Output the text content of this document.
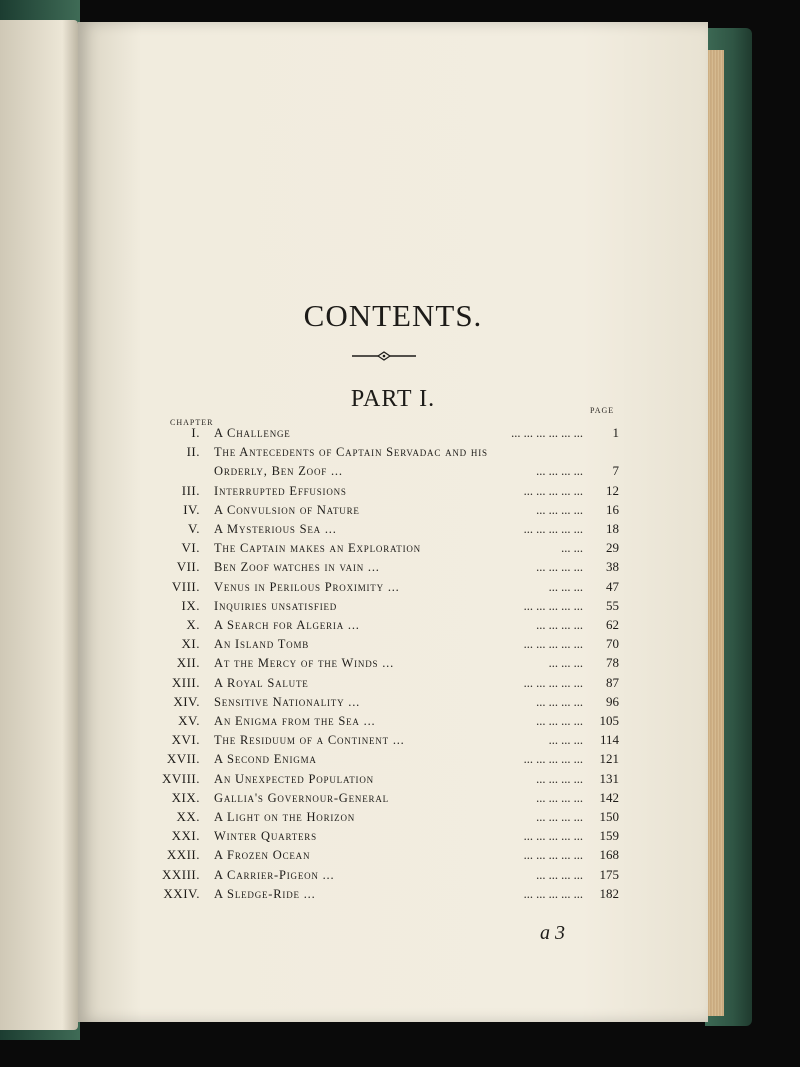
CONTENTS.
PART I.	PAGE
CHAPTER
I. A Challenge	1
... ... ... ... ... ...
II. The Antecedents of Captain Servadac and his
Orderly, Ben Zoof ...	7
... ... ... ...
III. Interrupted Effusions	12
... ... ... ... ...
IV. A Convulsion of Nature	16
... ... ... ...
V. A Mysterious Sea ...	18
... ... ... ... ...
VI. The Captain makes an Exploration	29
... ...
VII. Ben Zoof watches in vain ...	38
... ... ... ...
VIII. Venus in Perilous Proximity ...	47
... ... ...
IX. Inquiries unsatisfied	55
... ... ... ... ...
X. A Search for Algeria ...	62
... ... ... ...
XI. An Island Tomb	70
... ... ... ... ...
XII. At the Mercy of the Winds ...	78
... ... ...
XIII. A Royal Salute	87
... ... ... ... ...
XIV. Sensitive Nationality ...	96
... ... ... ...
XV. An Enigma from the Sea ...	105
... ... ... ...
XVI. The Residuum of a Continent ...	114
... ... ...
XVII. A Second Enigma	121
... ... ... ... ...
XVIII. An Unexpected Population	131
... ... ... ...
XIX. Gallia's Governour-General	142
... ... ... ...
XX. A Light on the Horizon	150
... ... ... ...
XXI. Winter Quarters	159
... ... ... ... ...
XXII. A Frozen Ocean	168
... ... ... ... ...
XXIII. A Carrier-Pigeon ...	175
... ... ... ...
XXIV. A Sledge-Ride ...	182
... ... ... ... ...
a 3
